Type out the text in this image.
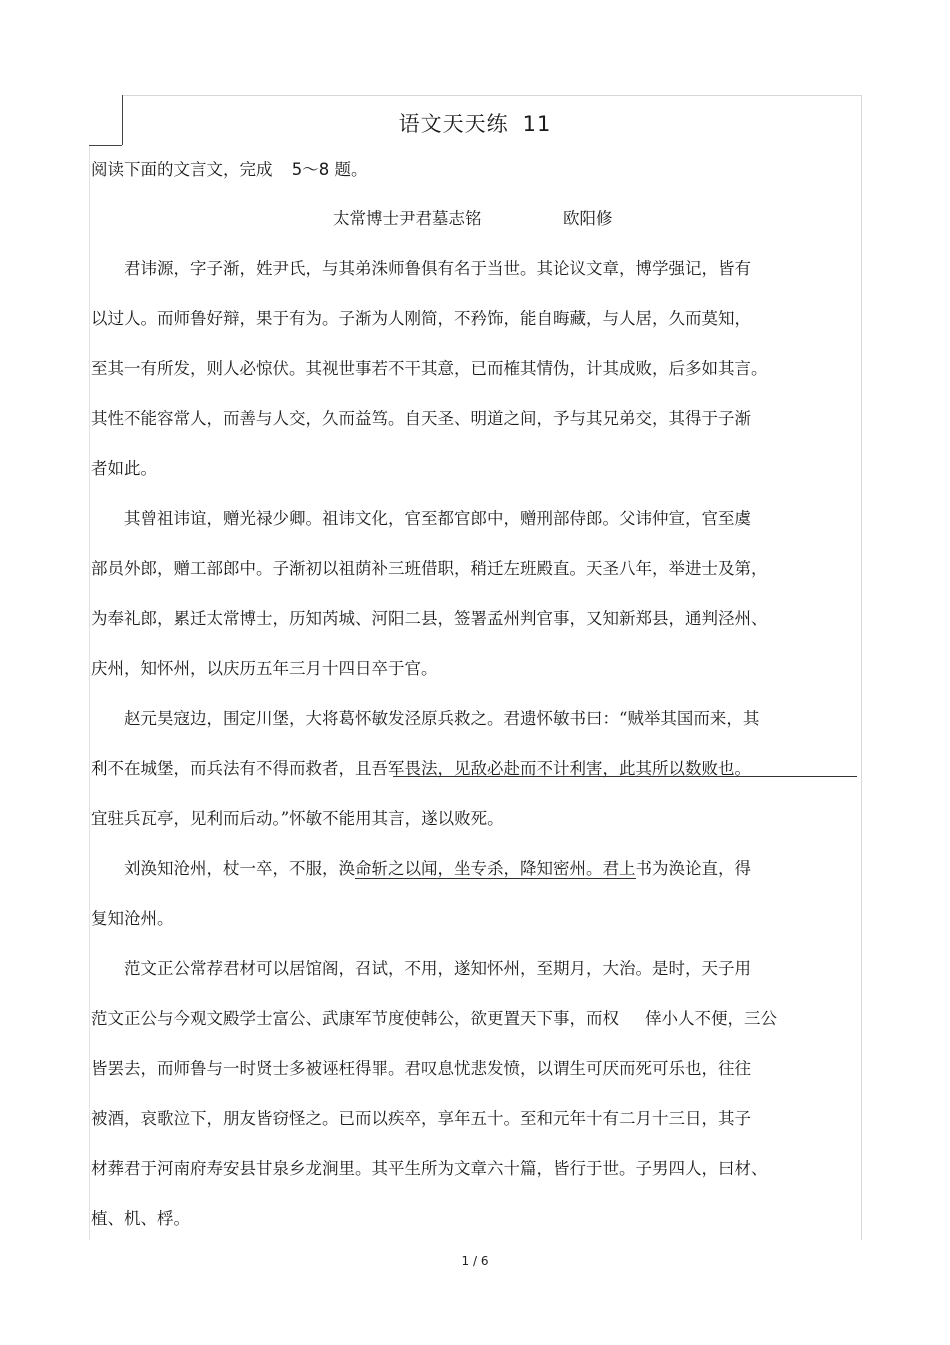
语文天天练 11
阅读下面的文言文，完成 5～8 题。
太常博士尹君墓志铭	欧阳修
　　君讳源，字子渐，姓尹氏，与其弟洙师鲁俱有名于当世。其论议文章，博学强记，皆有
以过人。而师鲁好辩，果于有为。子渐为人刚简，不矜饰，能自晦藏，与人居，久而莫知，
至其一有所发，则人必惊伏。其视世事若不干其意，已而榷其情伪，计其成败，后多如其言。
其性不能容常人，而善与人交，久而益笃。自天圣、明道之间，予与其兄弟交，其得于子渐
者如此。
　　其曾祖讳谊，赠光禄少卿。祖讳文化，官至都官郎中，赠刑部侍郎。父讳仲宣，官至虞
部员外郎，赠工部郎中。子渐初以祖荫补三班借职，稍迁左班殿直。天圣八年，举进士及第，
为奉礼郎，累迁太常博士，历知芮城、河阳二县，签署孟州判官事，又知新郑县，通判泾州、
庆州，知怀州，以庆历五年三月十四日卒于官。
　　赵元昊寇边，围定川堡，大将葛怀敏发泾原兵救之。君遗怀敏书曰：“贼举其国而来，其
利不在城堡，而兵法有不得而救者，且吾军畏法，见敌必赴而不计利害，此其所以数败也。
宜驻兵瓦亭，见利而后动。”怀敏不能用其言，遂以败死。
　　刘涣知沧州，杖一卒，不服，涣命斩之以闻，坐专杀，降知密州。君上书为涣论直，得
复知沧州。
　　范文正公常荐君材可以居馆阁，召试，不用，遂知怀州，至期月，大治。是时，天子用
范文正公与今观文殿学士富公、武康军节度使韩公，欲更置天下事，而权 倖小人不便，三公
皆罢去，而师鲁与一时贤士多被诬枉得罪。君叹息忧悲发愤，以谓生可厌而死可乐也，往往
被酒，哀歌泣下，朋友皆窃怪之。已而以疾卒，享年五十。至和元年十有二月十三日，其子
材葬君于河南府寿安县甘泉乡龙涧里。其平生所为文章六十篇，皆行于世。子男四人，曰材、
植、机、桴。
1 / 6
